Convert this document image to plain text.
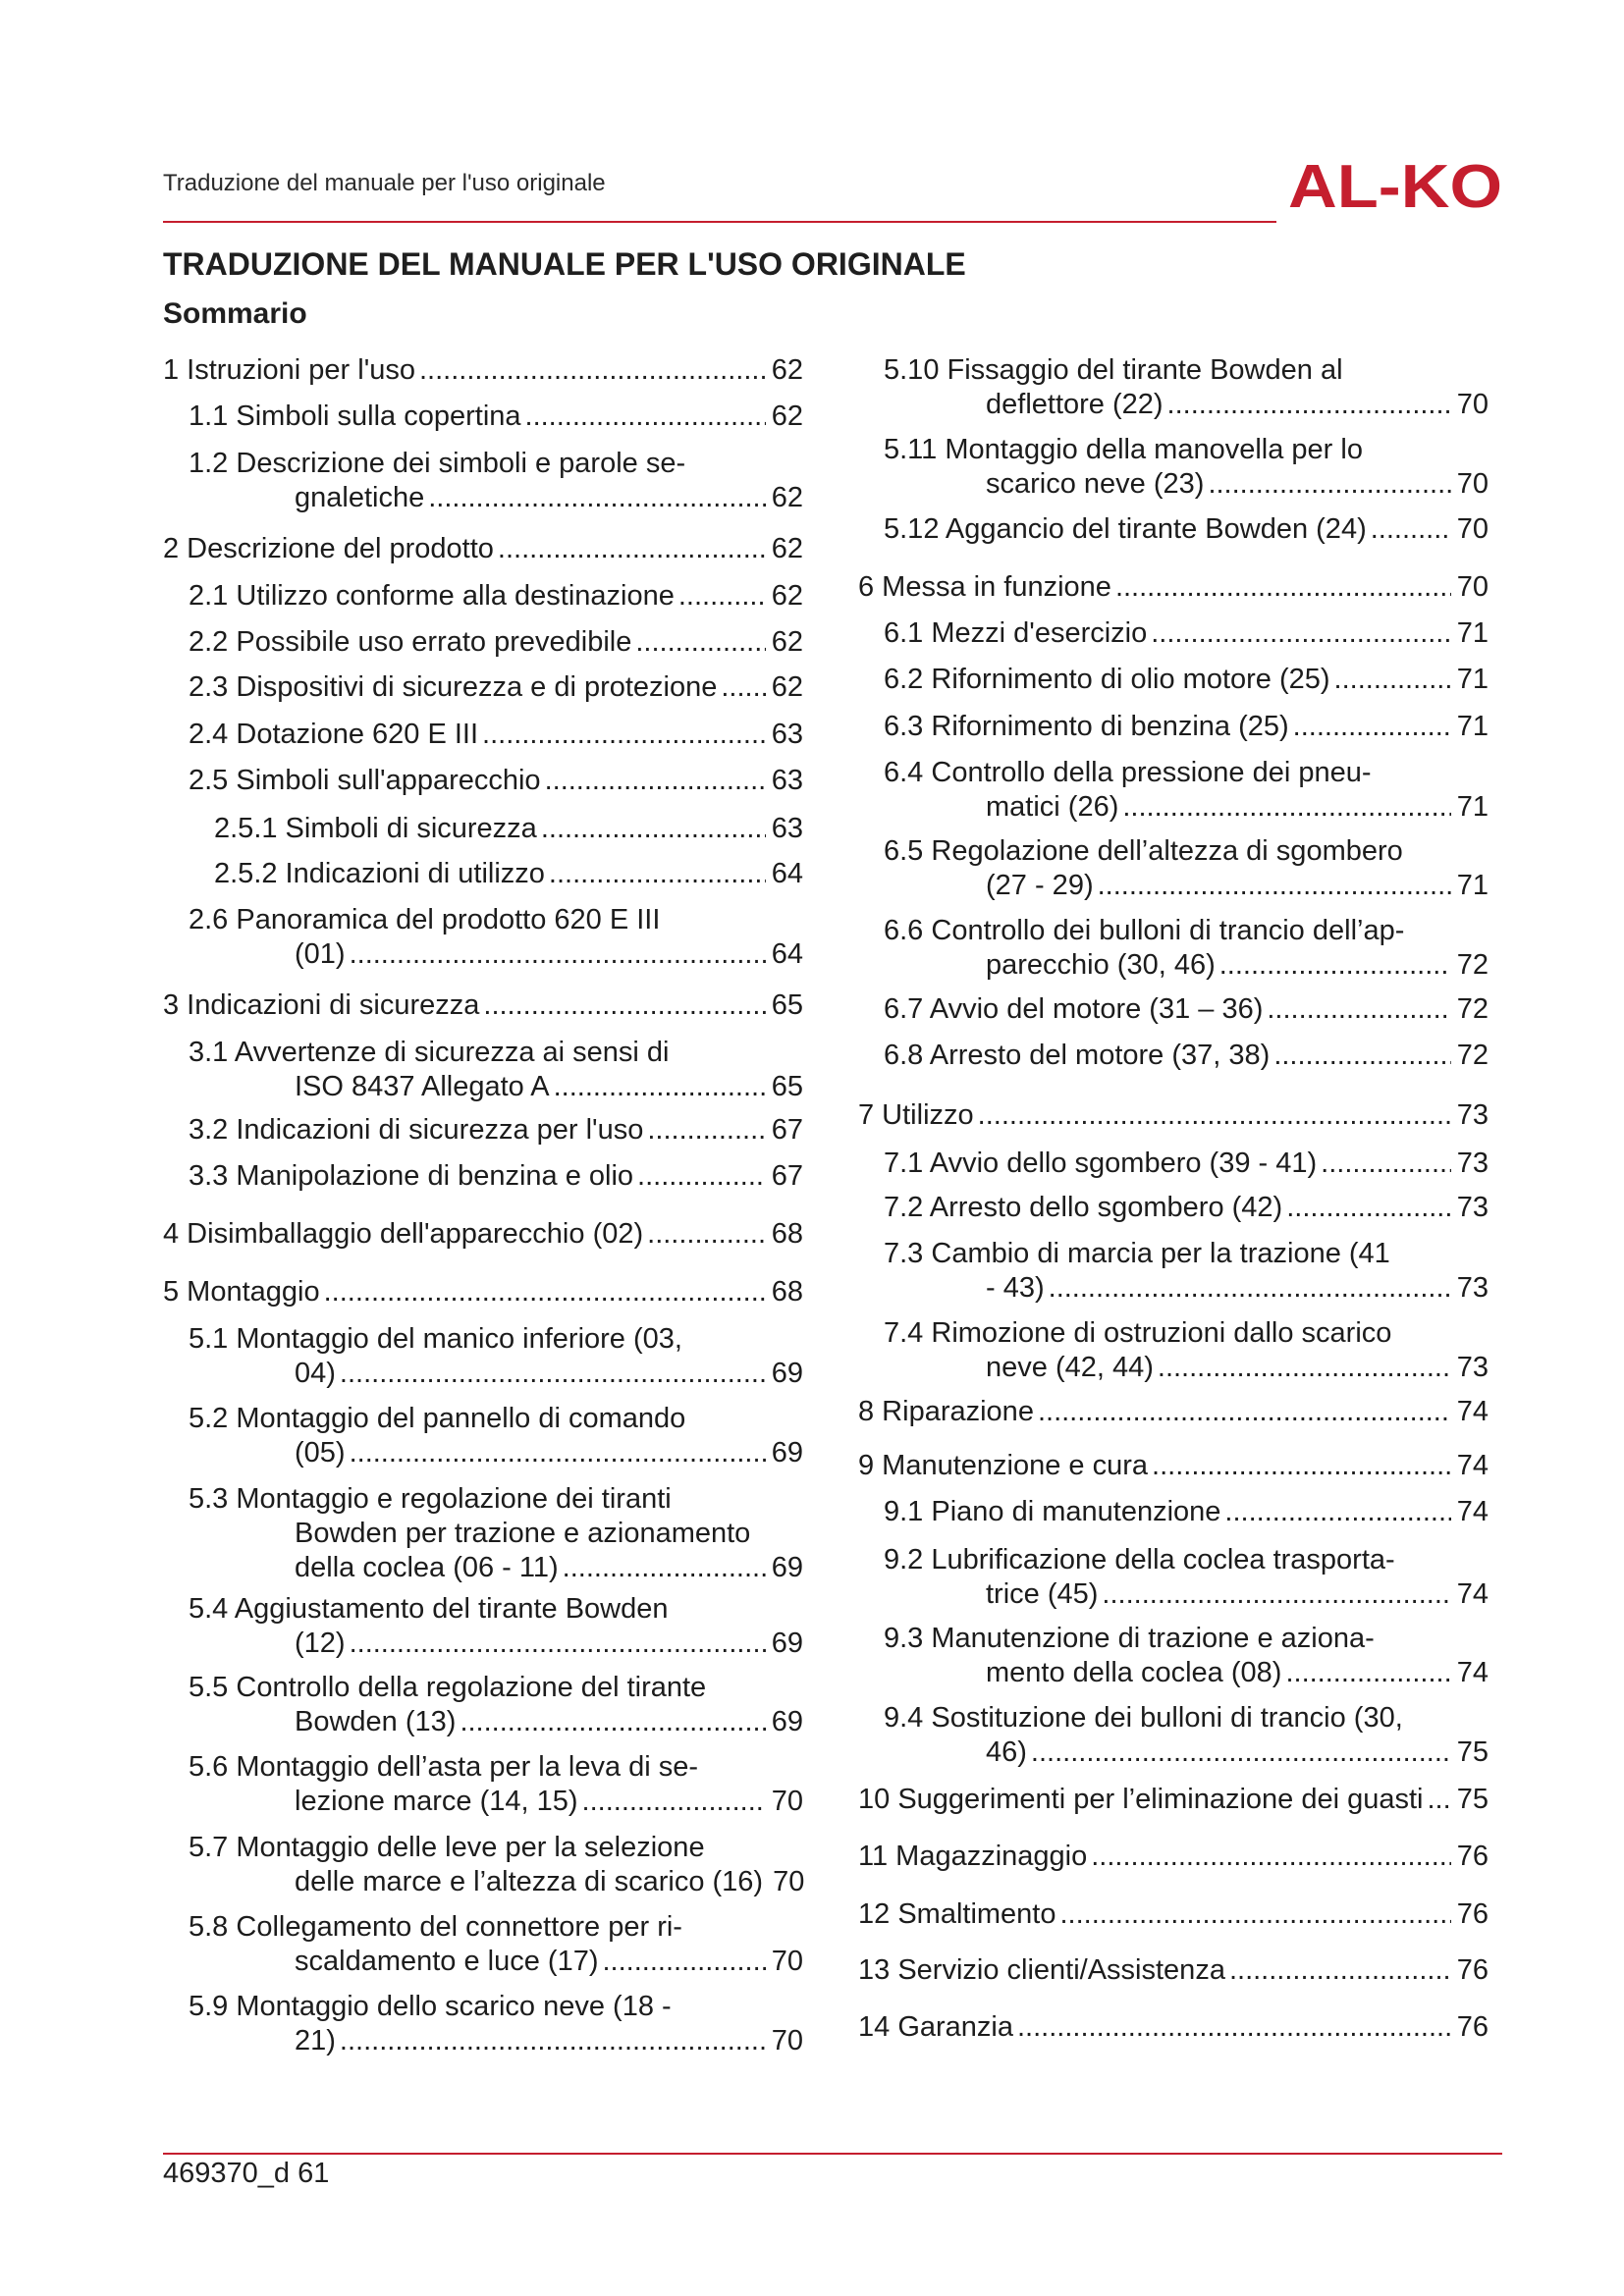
Traduzione del manuale per l'uso originale	AL-KO
TRADUZIONE DEL MANUALE PER L'USO ORIGINALE
Sommario
1 Istruzioni per l'uso .....	62
1.1 Simboli sulla copertina .....	62
1.2 Descrizione dei simboli e parole se-
gnaletiche .....	62
2 Descrizione del prodotto .....	62
2.1 Utilizzo conforme alla destinazione .....	62
2.2 Possibile uso errato prevedibile .....	62
2.3 Dispositivi di sicurezza e di protezione ..... 62
2.4 Dotazione 620 E III .....	63
2.5 Simboli sull'apparecchio .....	63
2.5.1 Simboli di sicurezza .....	63
2.5.2 Indicazioni di utilizzo .....	64
2.6 Panoramica del prodotto 620 E III
(01) .....	64
3 Indicazioni di sicurezza .....	65
3.1 Avvertenze di sicurezza ai sensi di
ISO 8437 Allegato A .....	65
3.2 Indicazioni di sicurezza per l'uso .....	67
3.3 Manipolazione di benzina e olio .....	67
4 Disimballaggio dell'apparecchio (02) .....	68
5 Montaggio .....	68
5.1 Montaggio del manico inferiore (03,
04) .....	69
5.2 Montaggio del pannello di comando
(05) .....	69
5.3 Montaggio e regolazione dei tiranti
Bowden per trazione e azionamento
della coclea (06 - 11) .....	69
5.4 Aggiustamento del tirante Bowden
(12) .....	69
5.5 Controllo della regolazione del tirante
Bowden (13) .....	69
5.6 Montaggio dell’asta per la leva di se-
lezione marce (14, 15) .....	70
5.7 Montaggio delle leve per la selezione
delle marce e l’altezza di scarico (16) 70
5.8 Collegamento del connettore per ri-
scaldamento e luce (17) .....	70
5.9 Montaggio dello scarico neve (18 -
21) .....	70
5.10 Fissaggio del tirante Bowden al
deflettore (22) .....	70
5.11 Montaggio della manovella per lo
scarico neve (23) .....	70
5.12 Aggancio del tirante Bowden (24) .....	70
6 Messa in funzione .....	70
6.1 Mezzi d'esercizio .....	71
6.2 Rifornimento di olio motore (25) .....	71
6.3 Rifornimento di benzina (25) .....	71
6.4 Controllo della pressione dei pneu-
matici (26) .....	71
6.5 Regolazione dell’altezza di sgombero
(27 - 29) .....	71
6.6 Controllo dei bulloni di trancio dell’ap-
parecchio (30, 46) .....	72
6.7 Avvio del motore (31 – 36) .....	72
6.8 Arresto del motore (37, 38) .....	72
7 Utilizzo .....	73
7.1 Avvio dello sgombero (39 - 41) .....	73
7.2 Arresto dello sgombero (42) .....	73
7.3 Cambio di marcia per la trazione (41
- 43) .....	73
7.4 Rimozione di ostruzioni dallo scarico
neve (42, 44) .....	73
8 Riparazione .....	74
9 Manutenzione e cura .....	74
9.1 Piano di manutenzione .....	74
9.2 Lubrificazione della coclea trasporta-
trice (45) .....	74
9.3 Manutenzione di trazione e aziona-
mento della coclea (08) .....	74
9.4 Sostituzione dei bulloni di trancio (30,
46) .....	75
10 Suggerimenti per l’eliminazione dei guasti ..... 75
11 Magazzinaggio .....	76
12 Smaltimento .....	76
13 Servizio clienti/Assistenza .....	76
14 Garanzia .....	76
469370_d 61
